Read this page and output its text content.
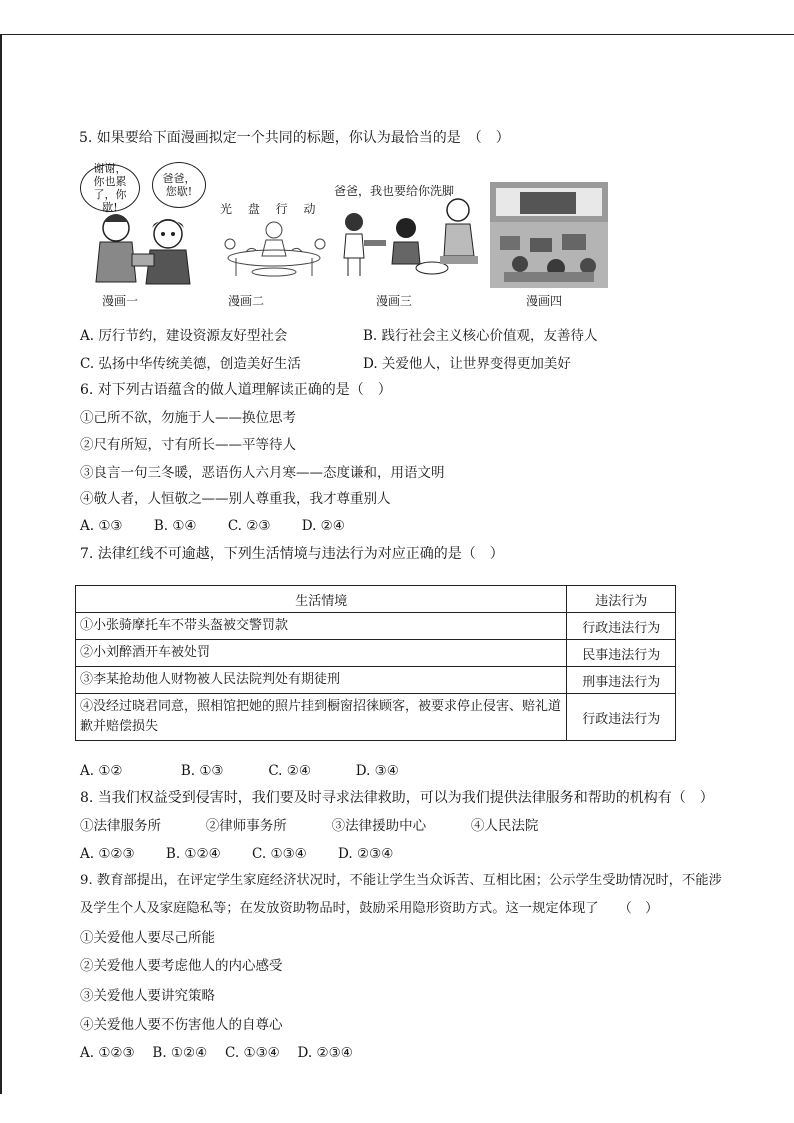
5. 如果要给下面漫画拟定一个共同的标题，你认为最恰当的是　（　）
谢谢，你也累了，你歇!
爸爸，您歇!
光 盘 行 动
爸爸，我也要给你洗脚
漫画一	漫画二	漫画三	漫画四
A. 厉行节约，建设资源友好型社会	B. 践行社会主义核心价值观，友善待人
C. 弘扬中华传统美德，创造美好生活	D. 关爱他人，让世界变得更加美好
6. 对下列古语蕴含的做人道理解读正确的是（　）
①己所不欲，勿施于人——换位思考
②尺有所短，寸有所长——平等待人
③良言一句三冬暖，恶语伤人六月寒——态度谦和，用语文明
④敬人者，人恒敬之——别人尊重我，我才尊重别人
A. ①③　　 B. ①④　　 C. ②③　　 D. ②④
7. 法律红线不可逾越，下列生活情境与违法行为对应正确的是（　）
生活情境	违法行为
①小张骑摩托车不带头盔被交警罚款	行政违法行为
②小刘醉酒开车被处罚	民事违法行为
③李某抢劫他人财物被人民法院判处有期徒刑	刑事违法行为
④没经过晓君同意，照相馆把她的照片挂到橱窗招徕顾客，被要求停止侵害、赔礼道歉并赔偿损失	行政违法行为
A. ①②　　　　 B. ①③　　　 C. ②④　　　 D. ③④
8. 当我们权益受到侵害时，我们要及时寻求法律救助，可以为我们提供法律服务和帮助的机构有（　）
①法律服务所　　　 ②律师事务所　　　 ③法律援助中心　　　 ④人民法院
A. ①②③　　 B. ①②④　　 C. ①③④　　 D. ②③④
9. 教育部提出，在评定学生家庭经济状况时，不能让学生当众诉苦、互相比困；公示学生受助情况时，不能涉
及学生个人及家庭隐私等；在发放资助物品时，鼓励采用隐形资助方式。这一规定体现了　　（　）
①关爱他人要尽己所能
②关爱他人要考虑他人的内心感受
③关爱他人要讲究策略
④关爱他人要不伤害他人的自尊心
A. ①②③　 B. ①②④　 C. ①③④　 D. ②③④
